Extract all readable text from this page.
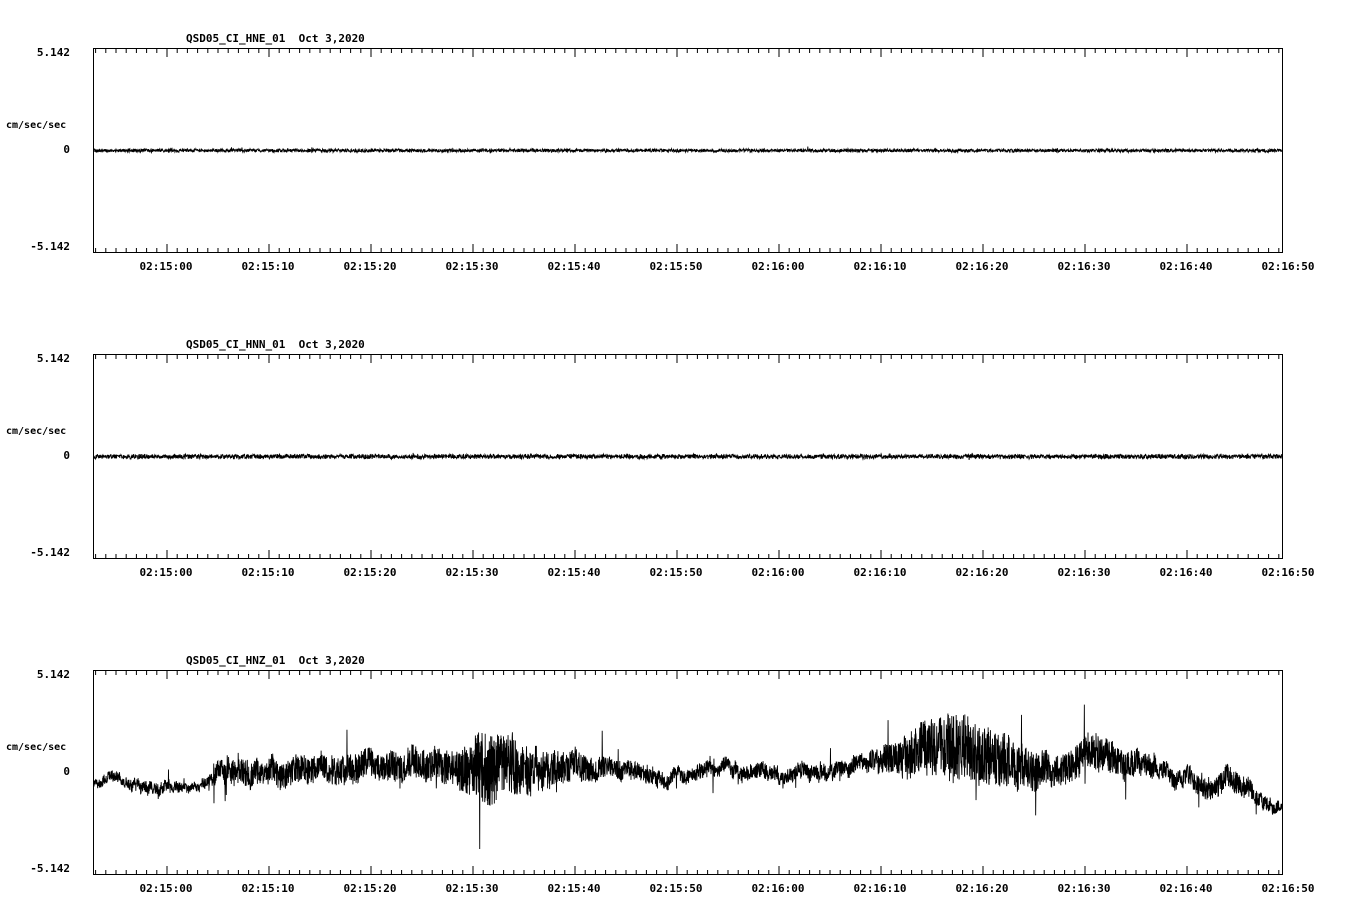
QSD05_CI_HNE_01  Oct 3,2020
5.142
0
-5.142
cm/sec/sec
02:15:00	02:15:10	02:15:20	02:15:30	02:15:40	02:15:50	02:16:00	02:16:10	02:16:20	02:16:30	02:16:40	02:16:50
QSD05_CI_HNN_01  Oct 3,2020
5.142
0
-5.142
cm/sec/sec
02:15:00	02:15:10	02:15:20	02:15:30	02:15:40	02:15:50	02:16:00	02:16:10	02:16:20	02:16:30	02:16:40	02:16:50
QSD05_CI_HNZ_01  Oct 3,2020
5.142
0
-5.142
cm/sec/sec
02:15:00	02:15:10	02:15:20	02:15:30	02:15:40	02:15:50	02:16:00	02:16:10	02:16:20	02:16:30	02:16:40	02:16:50
